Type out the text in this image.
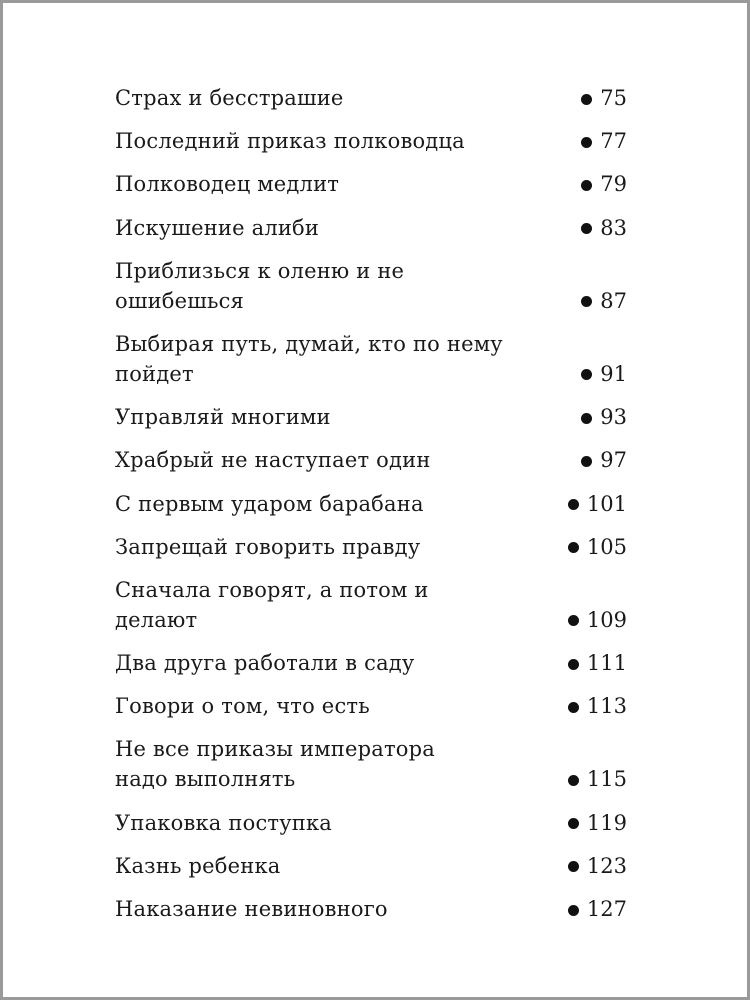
Страх и бесстрашие	75
Последний приказ полководца	77
Полководец медлит	79
Искушение алиби	83
Приблизься к оленю и не ошибешься	87
Выбирая путь, думай, кто по нему
пойдет	91
Управляй многими	93
Храбрый не наступает один	97
С первым ударом барабана	101
Запрещай говорить правду	105
Сначала говорят, а потом и делают	109
Два друга работали в саду	111
Говори о том, что есть	113
Не все приказы императора
надо выполнять	115
Упаковка поступка	119
Казнь ребенка	123
Наказание невиновного	127
